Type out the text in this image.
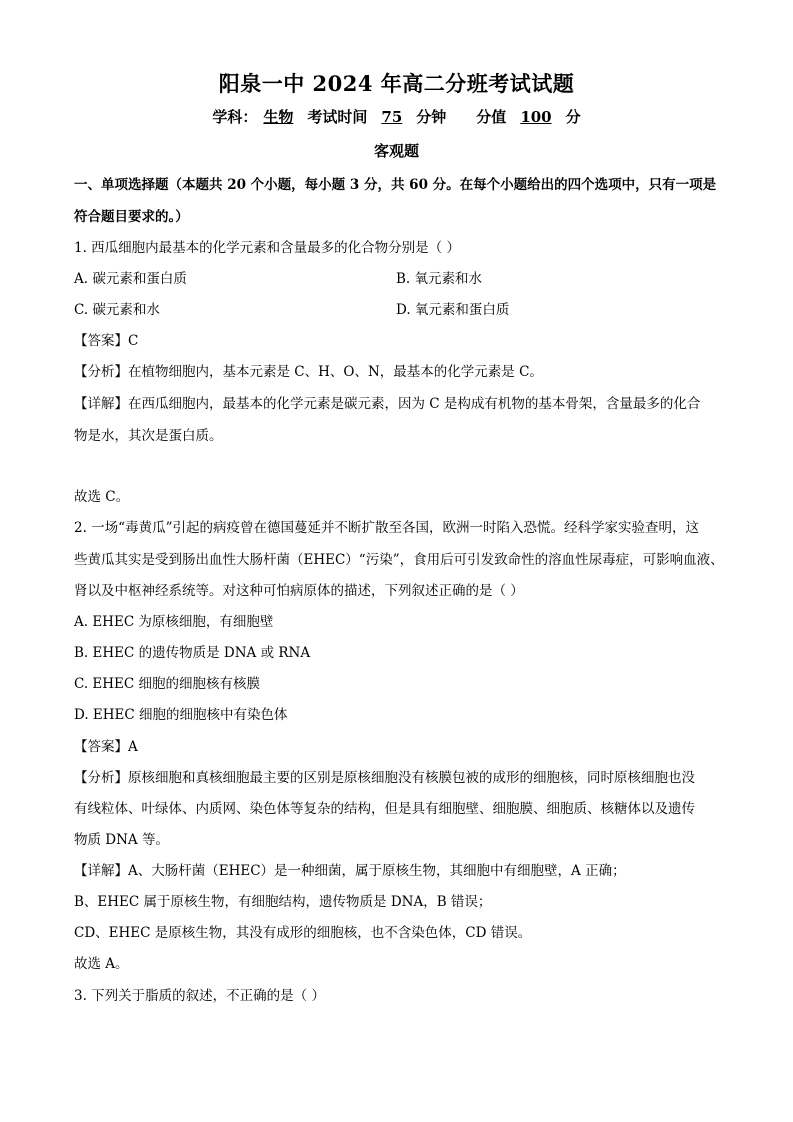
阳泉一中 2024 年高二分班考试试题
学科： 生物 考试时间 75 分钟 分值 100 分
客观题
一、单项选择题（本题共 20 个小题，每小题 3 分，共 60 分。在每个小题给出的四个选项中，只有一项是
符合题目要求的。）
1. 西瓜细胞内最基本的化学元素和含量最多的化合物分别是（ ）
A. 碳元素和蛋白质	B. 氧元素和水
C. 碳元素和水	D. 氧元素和蛋白质
【答案】C
【分析】在植物细胞内，基本元素是 C、H、O、N，最基本的化学元素是 C。
【详解】在西瓜细胞内，最基本的化学元素是碳元素，因为 C 是构成有机物的基本骨架，含量最多的化合
物是水，其次是蛋白质。
故选 C。
2. 一场“毒黄瓜”引起的病疫曾在德国蔓延并不断扩散至各国，欧洲一时陷入恐慌。经科学家实验查明，这
些黄瓜其实是受到肠出血性大肠杆菌（EHEC）“污染”，食用后可引发致命性的溶血性尿毒症，可影响血液、
肾以及中枢神经系统等。对这种可怕病原体的描述，下列叙述正确的是（ ）
A. EHEC 为原核细胞，有细胞壁
B. EHEC 的遗传物质是 DNA 或 RNA
C. EHEC 细胞的细胞核有核膜
D. EHEC 细胞的细胞核中有染色体
【答案】A
【分析】原核细胞和真核细胞最主要的区别是原核细胞没有核膜包被的成形的细胞核，同时原核细胞也没
有线粒体、叶绿体、内质网、染色体等复杂的结构，但是具有细胞壁、细胞膜、细胞质、核糖体以及遗传
物质 DNA 等。
【详解】A、大肠杆菌（EHEC）是一种细菌，属于原核生物，其细胞中有细胞壁，A 正确；
B、EHEC 属于原核生物，有细胞结构，遗传物质是 DNA，B 错误；
CD、EHEC 是原核生物，其没有成形的细胞核，也不含染色体，CD 错误。
故选 A。
3. 下列关于脂质的叙述，不正确的是（ ）
